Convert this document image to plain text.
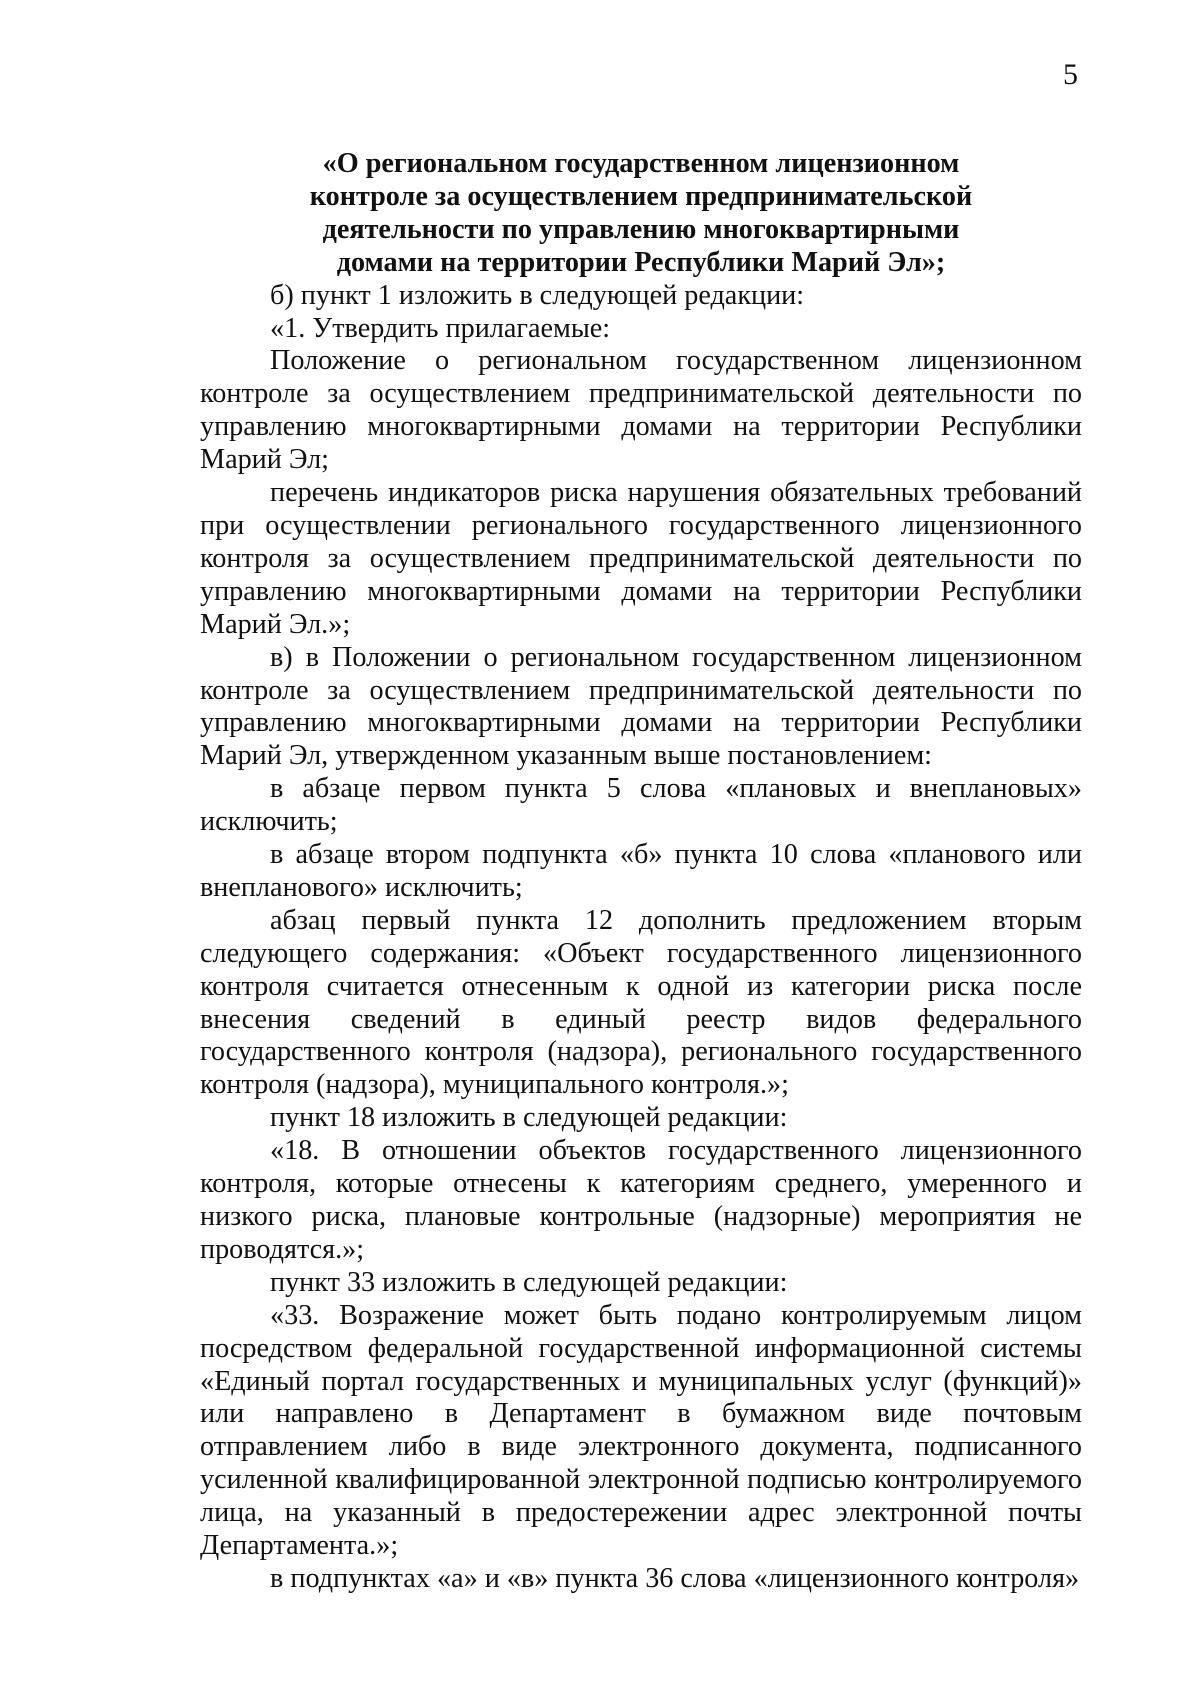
5

«О региональном государственном лицензионном
контроле за осуществлением предпринимательской
деятельности по управлению многоквартирными
домами на территории Республики Марий Эл»;

б) пункт 1 изложить в следующей редакции:

«1. Утвердить прилагаемые:

Положение о региональном государственном лицензионном контроле за осуществлением предпринимательской деятельности по управлению многоквартирными домами на территории Республики Марий Эл;

перечень индикаторов риска нарушения обязательных требований при осуществлении регионального государственного лицензионного контроля за осуществлением предпринимательской деятельности по управлению многоквартирными домами на территории Республики Марий Эл.»;

в) в Положении о региональном государственном лицензионном контроле за осуществлением предпринимательской деятельности по управлению многоквартирными домами на территории Республики Марий Эл, утвержденном указанным выше постановлением:

в абзаце первом пункта 5 слова «плановых и внеплановых» исключить;

в абзаце втором подпункта «б» пункта 10 слова «планового или внепланового» исключить;

абзац первый пункта 12 дополнить предложением вторым следующего содержания: «Объект государственного лицензионного контроля считается отнесенным к одной из категории риска после внесения сведений в единый реестр видов федерального государственного контроля (надзора), регионального государственного контроля (надзора), муниципального контроля.»;

пункт 18 изложить в следующей редакции:

«18. В отношении объектов государственного лицензионного контроля, которые отнесены к категориям среднего, умеренного и низкого риска, плановые контрольные (надзорные) мероприятия не проводятся.»;

пункт 33 изложить в следующей редакции:

«33. Возражение может быть подано контролируемым лицом посредством федеральной государственной информационной системы «Единый портал государственных и муниципальных услуг (функций)» или направлено в Департамент в бумажном виде почтовым отправлением либо в виде электронного документа, подписанного усиленной квалифицированной электронной подписью контролируемого лица, на указанный в предостережении адрес электронной почты Департамента.»;

в подпунктах «а» и «в» пункта 36 слова «лицензионного контроля»
